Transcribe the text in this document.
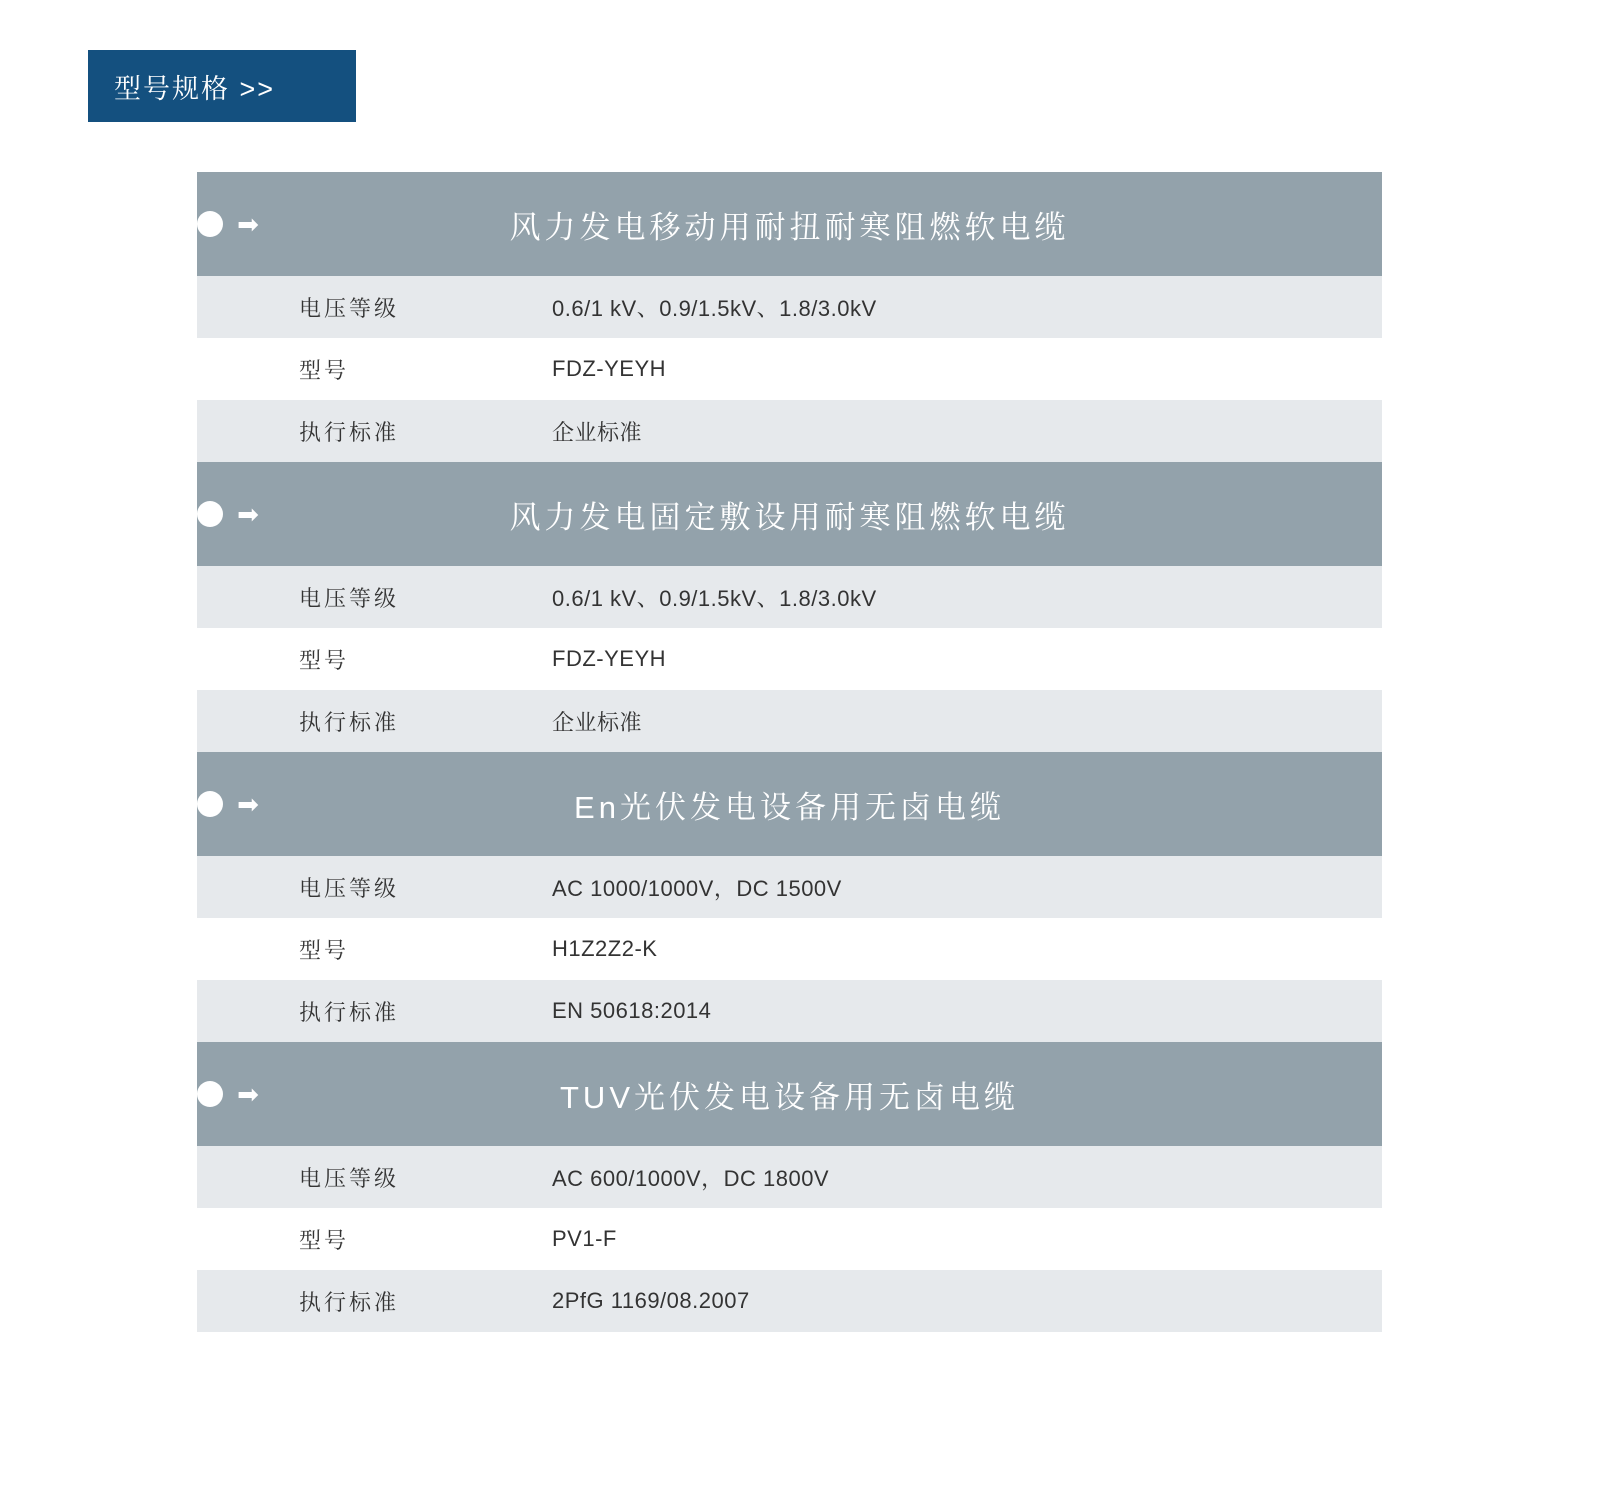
型号规格 >>
➡	风力发电移动用耐扭耐寒阻燃软电缆
电压等级	0.6/1 kV、0.9/1.5kV、1.8/3.0kV
型号	FDZ-YEYH
执行标准	企业标准
➡	风力发电固定敷设用耐寒阻燃软电缆
电压等级	0.6/1 kV、0.9/1.5kV、1.8/3.0kV
型号	FDZ-YEYH
执行标准	企业标准
➡	En光伏发电设备用无卤电缆
电压等级	AC 1000/1000V，DC 1500V
型号	H1Z2Z2-K
执行标准	EN 50618:2014
➡	TUV光伏发电设备用无卤电缆
电压等级	AC 600/1000V，DC 1800V
型号	PV1-F
执行标准	2PfG 1169/08.2007
